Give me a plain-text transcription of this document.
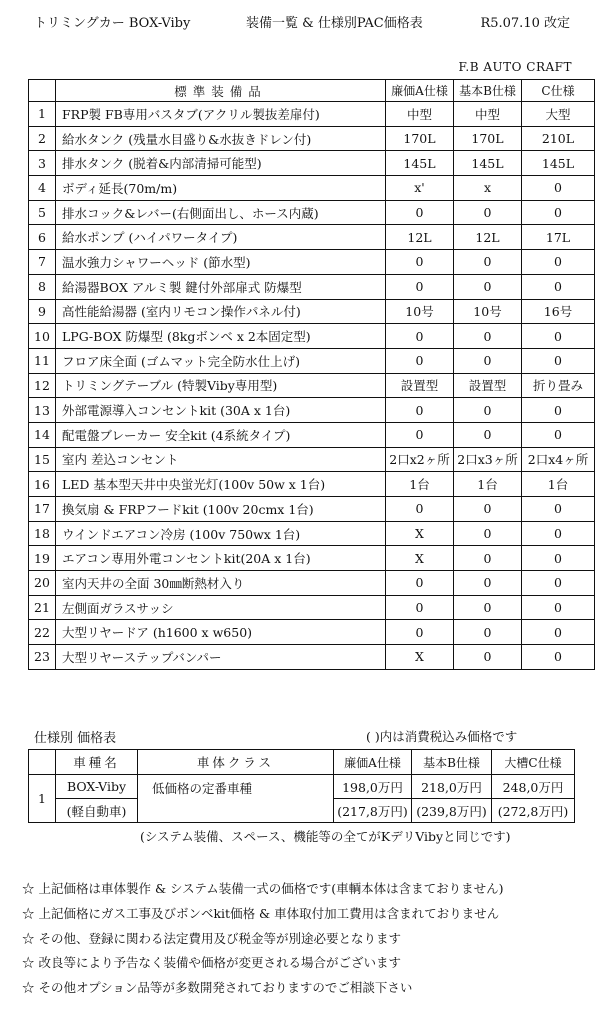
トリミングカー BOX-Viby	装備一覧 & 仕様別PAC価格表	R5.07.10 改定
F.B AUTO CRAFT
	標準装備品	廉価A仕様	基本B仕様	C仕様
1	FRP製 FB専用バスタブ(アクリル製抜差扉付)	中型	中型	大型
2	給水タンク (残量水目盛り&水抜きドレン付)	170L	170L	210L
3	排水タンク (脱着&内部清掃可能型)	145L	145L	145L
4	ボディ延長(70m/m)	x'	x	0
5	排水コック&レバー(右側面出し、ホース内蔵)	0	0	0
6	給水ポンプ (ハイパワータイプ)	12L	12L	17L
7	温水強力シャワーヘッド (節水型)	0	0	0
8	給湯器BOX アルミ製 鍵付外部扉式 防爆型	0	0	0
9	高性能給湯器 (室内リモコン操作パネル付)	10号	10号	16号
10	LPG-BOX 防爆型 (8kgボンベ x 2本固定型)	0	0	0
11	フロア床全面 (ゴムマット完全防水仕上げ)	0	0	0
12	トリミングテーブル (特製Viby専用型)	設置型	設置型	折り畳み
13	外部電源導入コンセントkit (30A x 1台)	0	0	0
14	配電盤ブレーカー 安全kit (4系統タイプ)	0	0	0
15	室内 差込コンセント	2口x2ヶ所	2口x3ヶ所	2口x4ヶ所
16	LED 基本型天井中央蛍光灯(100v 50w x 1台)	1台	1台	1台
17	換気扇 & FRPフードkit (100v 20cmx 1台)	0	0	0
18	ウインドエアコン冷房 (100v 750wx 1台)	X	0	0
19	エアコン専用外電コンセントkit(20A x 1台)	X	0	0
20	室内天井の全面 30㎜断熱材入り	0	0	0
21	左側面ガラスサッシ	0	0	0
22	大型リヤードア (h1600 x w650)	0	0	0
23	大型リヤーステップバンパー	X	0	0
仕様別 価格表	( )内は消費税込み価格です
	車種名	車体クラス	廉価A仕様	基本B仕様	大槽C仕様
1	BOX-Viby	低価格の定番車種	198,0万円	218,0万円	248,0万円
	(軽自動車)		(217,8万円)	(239,8万円)	(272,8万円)
(システム装備、スペース、機能等の全てがKデリVibyと同じです)
☆ 上記価格は車体製作 & システム装備一式の価格です(車輌本体は含まておりません)
☆ 上記価格にガス工事及びボンベkit価格 & 車体取付加工費用は含まれておりません
☆ その他、登録に関わる法定費用及び税金等が別途必要となります
☆ 改良等により予告なく装備や価格が変更される場合がございます
☆ その他オプション品等が多数開発されておりますのでご相談下さい
